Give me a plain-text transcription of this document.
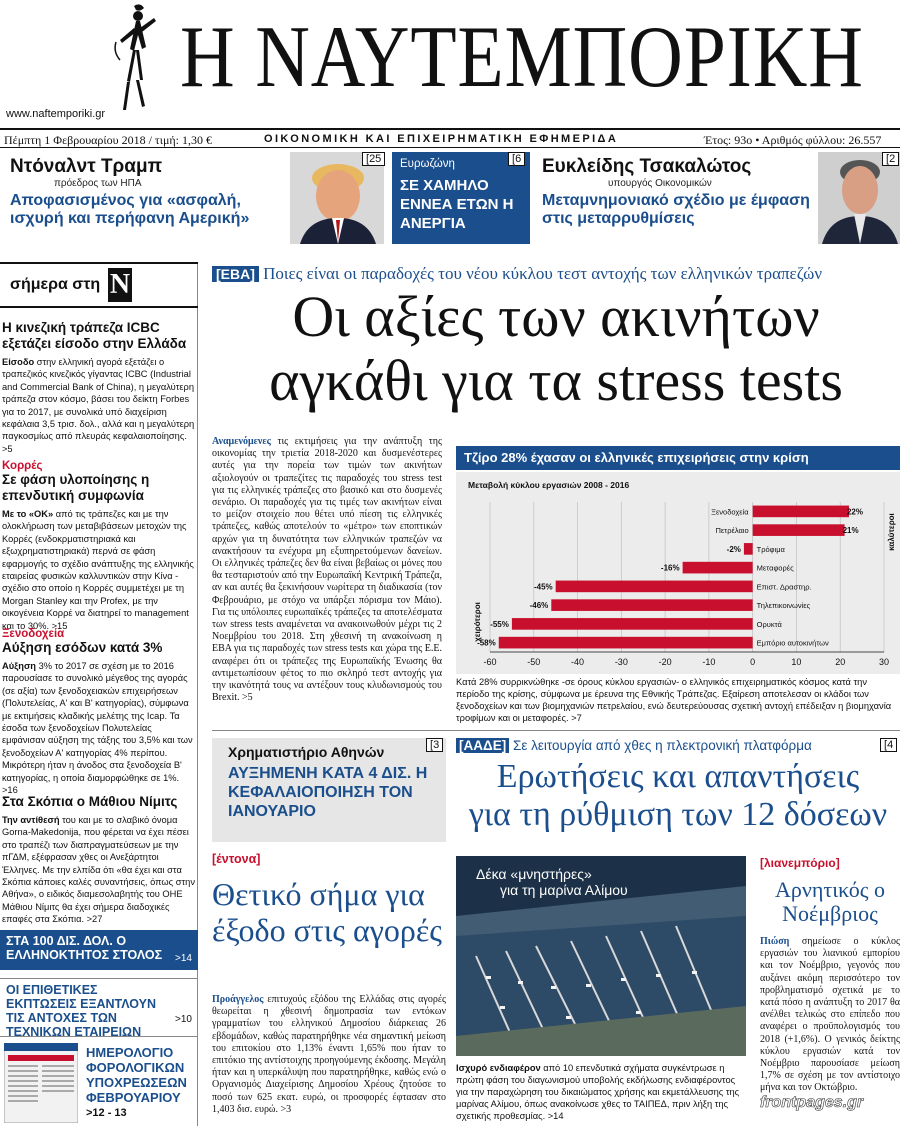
Η ΝΑΥΤΕΜΠΟΡΙΚΗ
www.naftemporiki.gr
Πέμπτη 1 Φεβρουαρίου 2018 / τιμή: 1,30 €	ΟΙΚΟΝΟΜΙΚΗ ΚΑΙ ΕΠΙΧΕΙΡΗΜΑΤΙΚΗ ΕΦΗΜΕΡΙΔΑ	Έτος: 93ο • Αριθμός φύλλου: 26.557
Ντόναλντ Τραμπ
πρόεδρος των ΗΠΑ
Αποφασισμένος για «ασφαλή, ισχυρή και περήφανη Αμερική»
[25	Ευρωζώνη
ΣΕ ΧΑΜΗΛΟ ΕΝΝΕΑ ΕΤΩΝ Η ΑΝΕΡΓΙΑ
[6 Ευκλείδης Τσακαλώτος
υπουργός Οικονομικών
Μεταμνημονιακό σχέδιο με έμφαση στις μεταρρυθμίσεις
[2
σήμερα στη Ν
Η κινεζική τράπεζα ICBC εξετάζει είσοδο στην Ελλάδα
Είσοδο στην ελληνική αγορά εξετάζει ο τραπεζικός κινεζικός γίγαντας ICBC (Industrial and Commercial Bank of China), η μεγαλύτερη τράπεζα στον κόσμο, βάσει του δείκτη Forbes για το 2017, με συνολικά υπό διαχείριση κεφάλαια 3,5 τρισ. δολ., αλλά και η μεγαλύτερη παγκοσμίως από πλευράς κεφαλαιοποίησης. >5
Κορρές
Σε φάση υλοποίησης η επενδυτική συμφωνία
Με το «ΟΚ» από τις τράπεζες και με την ολοκλήρωση των μεταβιβάσεων μετοχών της Κορρές (ενδοκρματιστηριακά και εξωχρηματιστηριακά) περνά σε φάση εφαρμογής το σχέδιο ανάπτυξης της ελληνικής εταιρείας φυσικών καλλυντικών στην Κίνα - σχέδιο στο οποίο η Κορρές συμμετέχει με τη Morgan Stanley και την Profex, με την οικογένεια Κορρέ να διατηρεί το management και το 30%. >15
Ξενοδοχεία
Αύξηση εσόδων κατά 3%
Αύξηση 3% το 2017 σε σχέση με το 2016 παρουσίασε το συνολικό μέγεθος της αγοράς (σε αξία) των ξενοδοχειακών επιχειρήσεων (Πολυτελείας, Α' και Β' κατηγορίας), σύμφωνα με εκτιμήσεις κλαδικής μελέτης της Icap. Τα έσοδα των ξενοδοχείων Πολυτελείας εμφάνισαν αύξηση της τάξης του 3,5% και των ξενοδοχείων Α' κατηγορίας 4% περίπου. Μικρότερη ήταν η άνοδος στα ξενοδοχεία Β' κατηγορίας, η οποία διαμορφώθηκε σε 1%. >16
Στα Σκόπια ο Μάθιου Νίμιτς
Την αντίθεσή του και με το σλαβικό όνομα Gorna-Makedonija, που φέρεται να έχει πέσει στο τραπέζι των διαπραγματεύσεων με την πΓΔΜ, εξέφρασαν χθες οι Ανεξάρτητοι Έλληνες. Με την ελπίδα ότι «θα έχει και στα Σκόπια κάποιες καλές συναντήσεις, όπως στην Αθήνα», ο ειδικός διαμεσολαβητής του ΟΗΕ Μάθιου Νίμιτς θα έχει σήμερα διαδοχικές επαφές στα Σκόπια. >27
ΣΤΑ 100 ΔΙΣ. ΔΟΛ. Ο ΕΛΛΗΝΟΚΤΗΤΟΣ ΣΤΟΛΟΣ	>14
ΟΙ ΕΠΙΘΕΤΙΚΕΣ ΕΚΠΤΩΣΕΙΣ ΕΞΑΝΤΛΟΥΝ ΤΙΣ ΑΝΤΟΧΕΣ ΤΩΝ ΤΕΧΝΙΚΩΝ ΕΤΑΙΡΕΙΩΝ
>10
ΗΜΕΡΟΛΟΓΙΟ ΦΟΡΟΛΟΓΙΚΩΝ ΥΠΟΧΡΕΩΣΕΩΝ ΦΕΒΡΟΥΑΡΙΟΥ
>12 - 13
[ΕΒΑ] Ποιες είναι οι παραδοχές του νέου κύκλου τεστ αντοχής των ελληνικών τραπεζών
Οι αξίες των ακινήτων
αγκάθι για τα stress tests
Αναμενόμενες τις εκτιμήσεις για την ανάπτυξη της οικονομίας την τριετία 2018-2020 και δυσμενέστερες αυτές για την πορεία των τιμών των ακινήτων αξιολογούν οι τραπεζίτες τις παραδοχές του stress test για τις ελληνικές τράπεζες στο βασικό και στο δυσμενές σενάριο. Οι παραδοχές για τις τιμές των ακινήτων είναι το μείζον στοιχείο που θέτει υπό πίεση τις ελληνικές τράπεζες, καθώς αποτελούν το «μέτρο» των εποπτικών αρχών για τη δυνατότητα των ελληνικών τραπεζών να ανακτήσουν τα ενέχυρα μη εξυπηρετούμενων δανείων. Οι ελληνικές τράπεζες δεν θα είναι βεβαίως οι μόνες που θα τεσταριστούν από την Ευρωπαϊκή Κεντρική Τράπεζα, αν και αυτές θα ξεκινήσουν νωρίτερα τη διαδικασία (τον Φεβρουάριο, με στόχο να υπάρξει πόρισμα τον Μάιο). Για τις υπόλοιπες ευρωπαϊκές τράπεζες τα αποτελέσματα των stress tests αναμένεται να ανακοινωθούν μέχρι τις 2 Νοεμβρίου του 2018. Στη χθεσινή τη ανακοίνωση η ΕΒΑ για τις παραδοχές των stress tests και χώρα της Ε.Ε. αναφέρει ότι οι τράπεζες της Ευρωπαϊκής Ένωσης θα αντιμετωπίσουν φέτος το πιο σκληρό τεστ αντοχής για την ικανότητά τους να αντέξουν τους κλυδωνισμούς του Brexit. >5
Τζίρο 28% έχασαν οι ελληνικές επιχειρήσεις στην κρίση
Μεταβολή κύκλου εργασιών 2008 - 2016
-60	-50	-40	-30	-20	-10	0	10	20	30
22%
Ξενοδοχεία
21%
Πετρέλαιο
-2% Τρόφιμα
-16%	Μεταφορές
-45%	Επιστ. Δραστηρ.
-46%	Τηλεπικοινωνίες
-55%	Ορυκτά
-58%	Εμπόριο αυτοκινήτων
καλύτεροι
χειρότεροι
Κατά 28% συρρικνώθηκε -σε όρους κύκλου εργασιών- ο ελληνικός επιχειρηματικός κόσμος κατά την περίοδο της κρίσης, σύμφωνα με έρευνα της Εθνικής Τράπεζας. Εξαίρεση αποτελεσαν οι κλάδοι των ξενοδοχείων και των βιομηχανιών πετρελαίου, ενώ δευτερεύουσας σχετική αντοχή επέδειξαν η βιομηχανία τροφίμων και οι μεταφορές. >7
Χρηματιστήριο Αθηνών
ΑΥΞΗΜΕΝΗ ΚΑΤΑ 4 ΔΙΣ. Η ΚΕΦΑΛΑΙΟΠΟΙΗΣΗ ΤΟΝ ΙΑΝΟΥΑΡΙΟ
[3 [ΑΑΔΕ] Σε λειτουργία από χθες η πλεκτρονική πλατφόρμα	[4
Ερωτήσεις και απαντήσεις
για τη ρύθμιση των 12 δόσεων
[έντονα]
Θετικό σήμα για έξοδο στις αγορές
Προάγγελος επιτυχούς εξόδου της Ελλάδας στις αγορές θεωρείται η χθεσινή δημοπρασία των εντόκων γραμματίων του ελληνικού Δημοσίου διάρκειας 26 εβδομάδων, καθώς παρατηρήθηκε νέα σημαντική μείωση του επιτοκίου στο 1,13% έναντι 1,65% που ήταν το επιτόκιο της αντίστοιχης προηγούμενης έκδοσης. Μεγάλη ήταν και η υπερκάλυψη που παρατηρήθηκε, καθώς ενώ ο Οργανισμός Διαχείρισης Δημοσίου Χρέους ζητούσε το ποσό των 625 εκατ. ευρώ, οι προσφορές έφτασαν στο 1,403 δισ. ευρώ. >3
Δέκα «μνηστήρες»
για τη μαρίνα Αλίμου
Ισχυρό ενδιαφέρον από 10 επενδυτικά σχήματα συγκέντρωσε η πρώτη φάση του διαγωνισμού υποβολής εκδήλωσης ενδιαφέροντος για την παραχώρηση του δικαιώματος χρήσης και εκμετάλλευσης της μαρίνας Αλίμου, όπως ανακοίνωσε χθες το ΤΑΙΠΕΔ, πριν λήξη της σχετικής προθεσμίας. >14
[λιανεμπόριο]
Αρνητικός ο Νοέμβριος
Πιώση σημείωσε ο κύκλος εργασιών του λιανικού εμπορίου και τον Νοέμβριο, γεγονός που αυξάνει ακόμη περισσότερο τον προβληματισμό σχετικά με το κατά πόσο η ανάπτυξη το 2017 θα ανέλθει τελικώς στο επίπεδο που αναφέρει ο προϋπολογισμός του 2018 (+1,6%). Ο γενικός δείκτης κύκλου εργασιών κατά τον Νοέμβριο παρουσίασε μείωση 1,7% σε σχέση με τον αντίστοιχο μήνα και τον Οκτώβριο.
frontpages.gr
